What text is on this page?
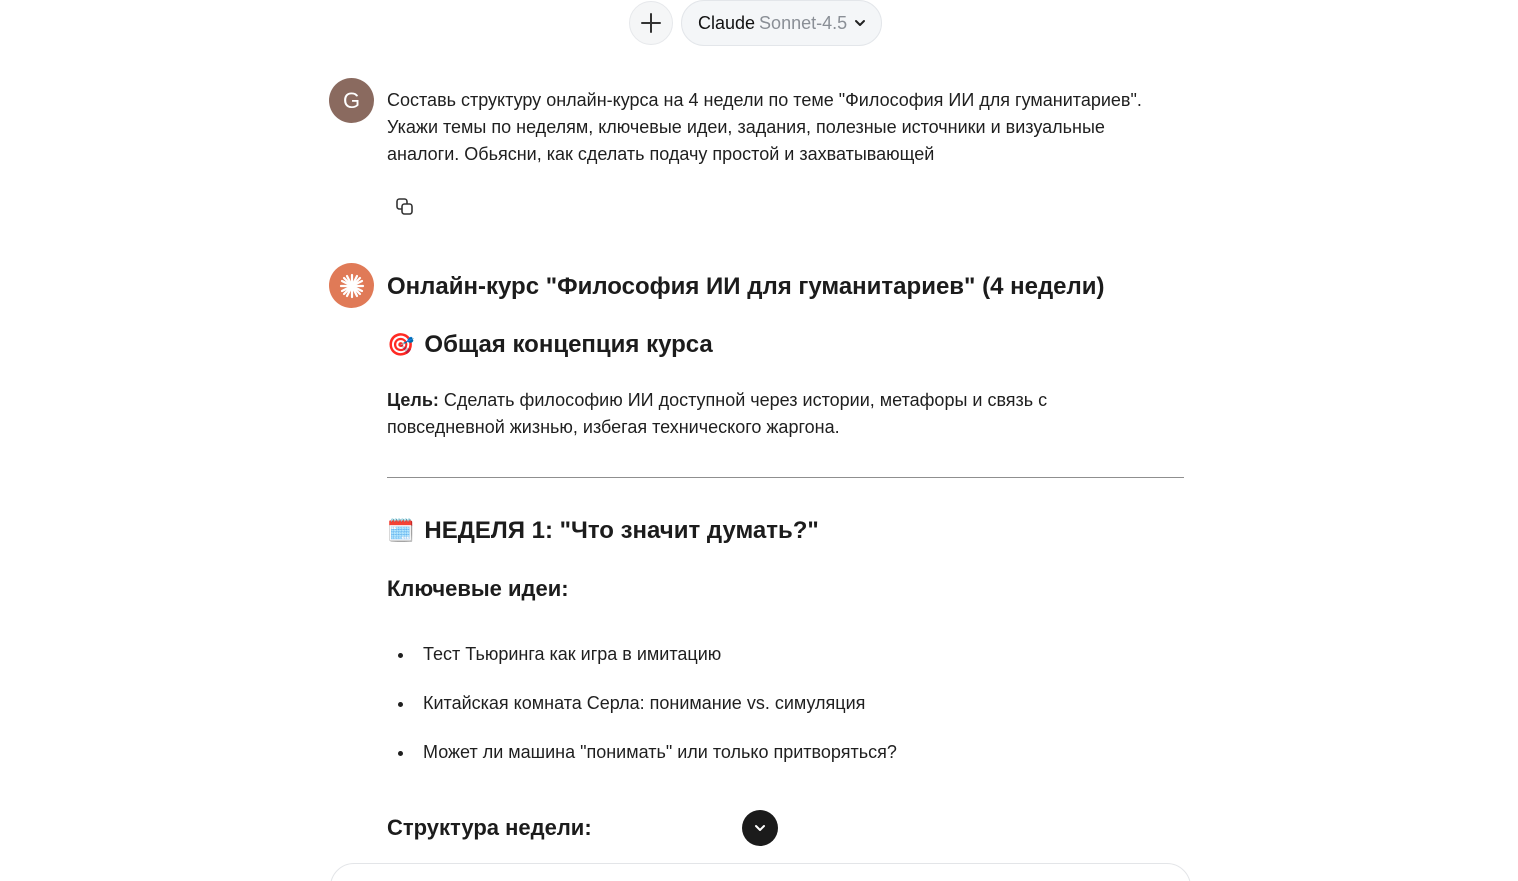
Claude Sonnet-4.5
G Составь структуру онлайн-курса на 4 недели по теме "Философия ИИ для гуманитариев". Укажи темы по неделям, ключевые идеи, задания, полезные источники и визуальные аналоги. Обьясни, как сделать подачу простой и захватывающей

Онлайн-курс "Философия ИИ для гуманитариев" (4 недели)
🎯 Общая концепция курса

Цель: Сделать философию ИИ доступной через истории, метафоры и связь с повседневной жизнью, избегая технического жаргона.

🗓️ НЕДЕЛЯ 1: "Что значит думать?"
Ключевые идеи:
Тест Тьюринга как игра в имитацию
Китайская комната Серла: понимание vs. симуляция
Может ли машина "понимать" или только притворяться?
Структура недели:
